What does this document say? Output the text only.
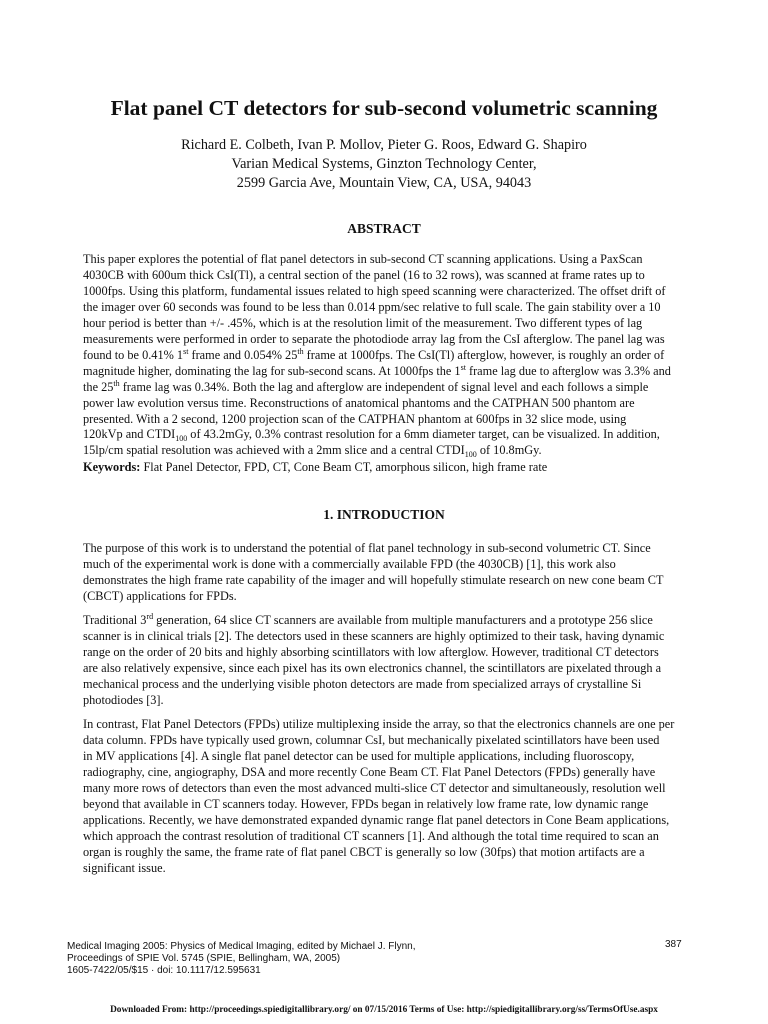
Flat panel CT detectors for sub-second volumetric scanning
Richard E. Colbeth, Ivan P. Mollov, Pieter G. Roos, Edward G. Shapiro
Varian Medical Systems, Ginzton Technology Center,
2599 Garcia Ave, Mountain View, CA, USA, 94043
ABSTRACT
This paper explores the potential of flat panel detectors in sub-second CT scanning applications. Using a PaxScan
4030CB with 600um thick CsI(Tl), a central section of the panel (16 to 32 rows), was scanned at frame rates up to
1000fps. Using this platform, fundamental issues related to high speed scanning were characterized. The offset drift of
the imager over 60 seconds was found to be less than 0.014 ppm/sec relative to full scale. The gain stability over a 10
hour period is better than +/- .45%, which is at the resolution limit of the measurement. Two different types of lag
measurements were performed in order to separate the photodiode array lag from the CsI afterglow. The panel lag was
found to be 0.41% 1st frame and 0.054% 25th frame at 1000fps. The CsI(Tl) afterglow, however, is roughly an order of
magnitude higher, dominating the lag for sub-second scans. At 1000fps the 1st frame lag due to afterglow was 3.3% and
the 25th frame lag was 0.34%. Both the lag and afterglow are independent of signal level and each follows a simple
power law evolution versus time. Reconstructions of anatomical phantoms and the CATPHAN 500 phantom are
presented. With a 2 second, 1200 projection scan of the CATPHAN phantom at 600fps in 32 slice mode, using
120kVp and $CTDI_{100}$ of 43.2mGy, 0.3% contrast resolution for a 6mm diameter target, can be visualized. In addition,
15lp/cm spatial resolution was achieved with a 2mm slice and a central $CTDI_{100}$ of 10.8mGy.
Keywords: Flat Panel Detector, FPD, CT, Cone Beam CT, amorphous silicon, high frame rate
1. INTRODUCTION
The purpose of this work is to understand the potential of flat panel technology in sub-second volumetric CT. Since
much of the experimental work is done with a commercially available FPD (the 4030CB) [1], this work also
demonstrates the high frame rate capability of the imager and will hopefully stimulate research on new cone beam CT
(CBCT) applications for FPDs.
Traditional 3rd generation, 64 slice CT scanners are available from multiple manufacturers and a prototype 256 slice
scanner is in clinical trials [2]. The detectors used in these scanners are highly optimized to their task, having dynamic
range on the order of 20 bits and highly absorbing scintillators with low afterglow. However, traditional CT detectors
are also relatively expensive, since each pixel has its own electronics channel, the scintillators are pixelated through a
mechanical process and the underlying visible photon detectors are made from specialized arrays of crystalline Si
photodiodes [3].
In contrast, Flat Panel Detectors (FPDs) utilize multiplexing inside the array, so that the electronics channels are one per
data column. FPDs have typically used grown, columnar CsI, but mechanically pixelated scintillators have been used
in MV applications [4]. A single flat panel detector can be used for multiple applications, including fluoroscopy,
radiography, cine, angiography, DSA and more recently Cone Beam CT. Flat Panel Detectors (FPDs) generally have
many more rows of detectors than even the most advanced multi-slice CT detector and simultaneously, resolution well
beyond that available in CT scanners today. However, FPDs began in relatively low frame rate, low dynamic range
applications. Recently, we have demonstrated expanded dynamic range flat panel detectors in Cone Beam applications,
which approach the contrast resolution of traditional CT scanners [1]. And although the total time required to scan an
organ is roughly the same, the frame rate of flat panel CBCT is generally so low (30fps) that motion artifacts are a
significant issue.
Medical Imaging 2005: Physics of Medical Imaging, edited by Michael J. Flynn,
Proceedings of SPIE Vol. 5745 (SPIE, Bellingham, WA, 2005)
1605-7422/05/$15 · doi: 10.1117/12.595631
387
Downloaded From: http://proceedings.spiedigitallibrary.org/ on 07/15/2016 Terms of Use: http://spiedigitallibrary.org/ss/TermsOfUse.aspx
